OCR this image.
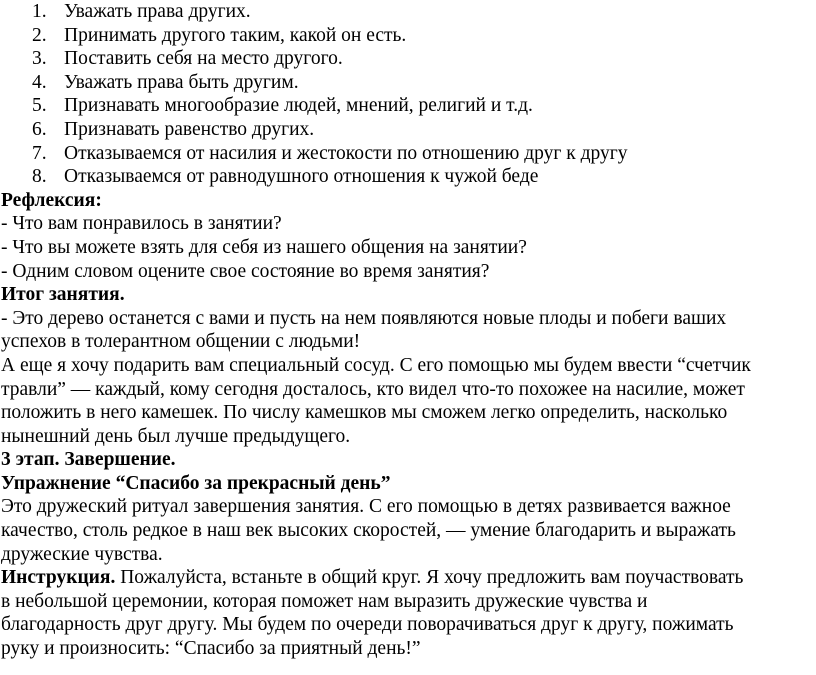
1. Уважать права других.
2. Принимать другого таким, какой он есть.
3. Поставить себя на место другого.
4. Уважать права быть другим.
5. Признавать многообразие людей, мнений, религий и т.д.
6. Признавать равенство других.
7. Отказываемся от насилия и жестокости по отношению друг к другу
8. Отказываемся от равнодушного отношения к чужой беде
Рефлексия:
- Что вам понравилось в занятии?
- Что вы можете взять для себя из нашего общения на занятии?
- Одним словом оцените свое состояние во время занятия?
Итог занятия.
- Это дерево останется с вами и пусть на нем появляются новые плоды и побеги ваших
успехов в толерантном общении с людьми!
А еще я хочу подарить вам специальный сосуд. С его помощью мы будем ввести “счетчик
травли” — каждый, кому сегодня досталось, кто видел что-то похожее на насилие, может
положить в него камешек. По числу камешков мы сможем легко определить, насколько
нынешний день был лучше предыдущего.
3 этап. Завершение.
Упражнение “Спасибо за прекрасный день”
Это дружеский ритуал завершения занятия. С его помощью в детях развивается важное
качество, столь редкое в наш век высоких скоростей, — умение благодарить и выражать
дружеские чувства.
Инструкция. Пожалуйста, встаньте в общий круг. Я хочу предложить вам поучаствовать
в небольшой церемонии, которая поможет нам выразить дружеские чувства и
благодарность друг другу. Мы будем по очереди поворачиваться друг к другу, пожимать
руку и произносить: “Спасибо за приятный день!”
